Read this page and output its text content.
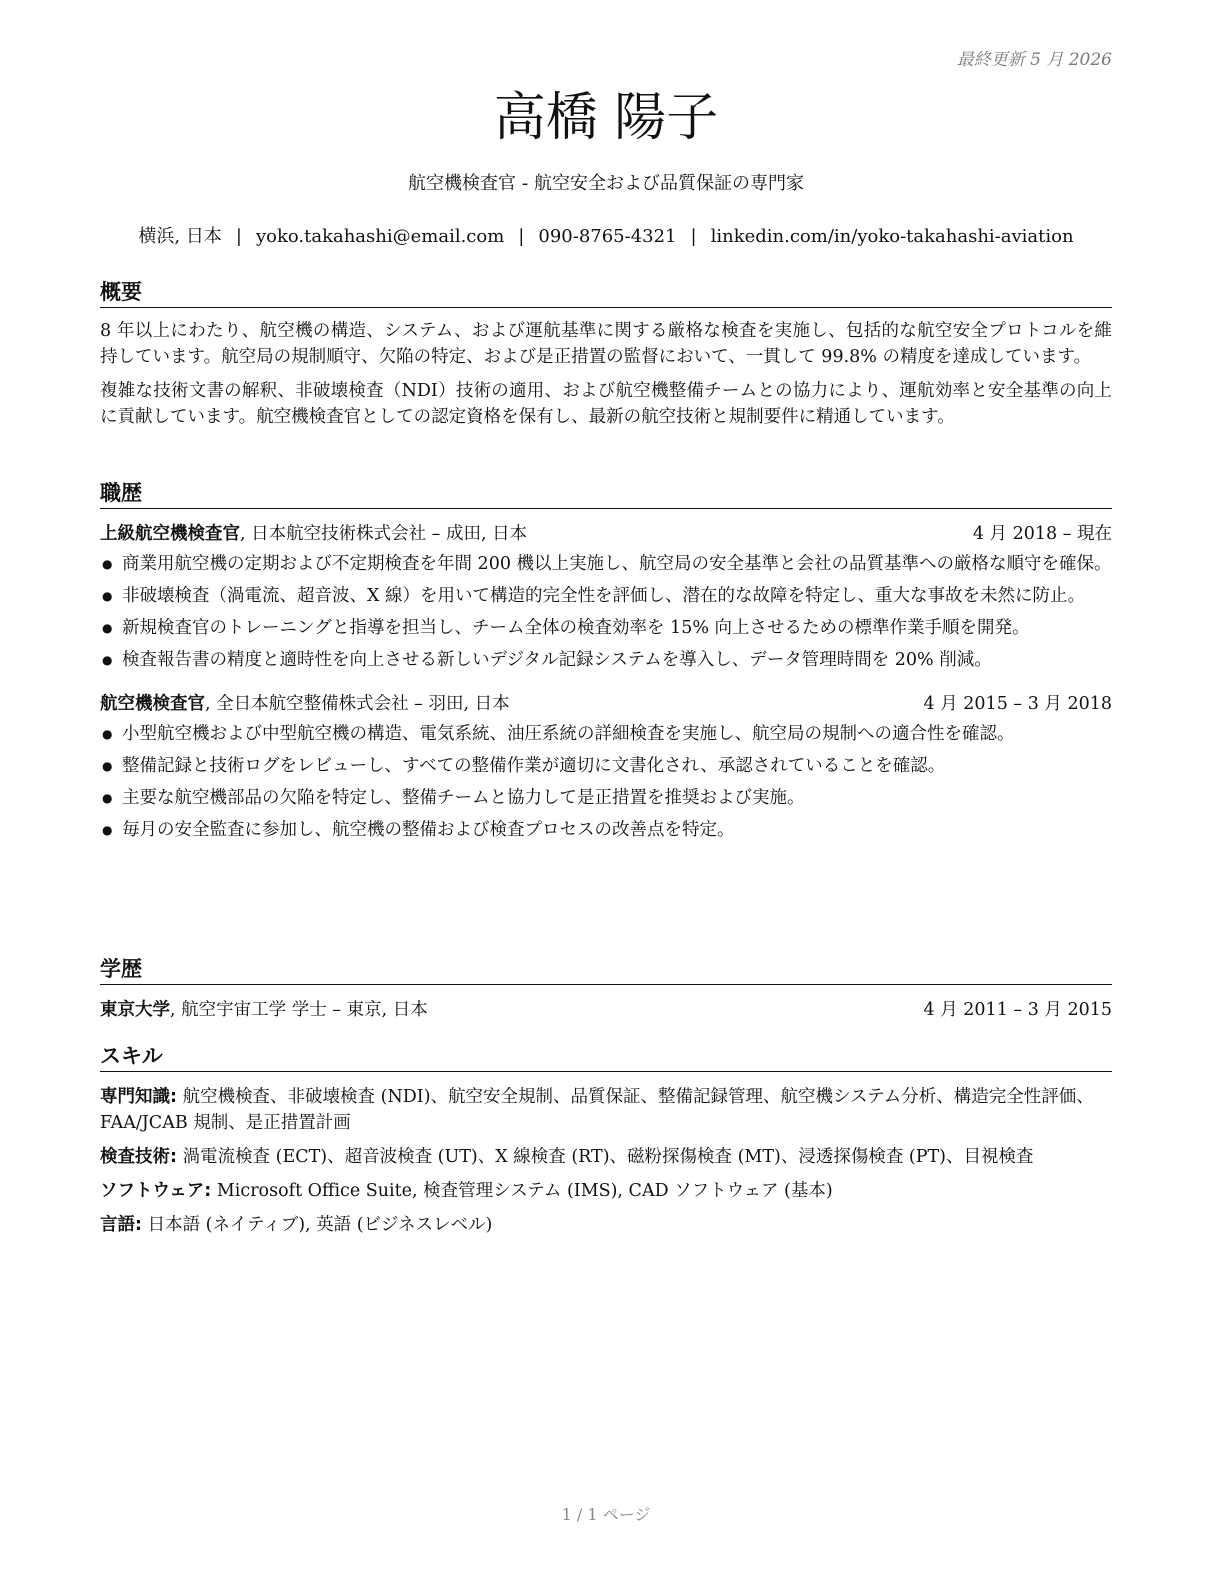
最終更新 5 月 2026
高橋 陽子
航空機検査官 - 航空安全および品質保証の専門家
横浜, 日本 | yoko.takahashi@email.com | 090-8765-4321 | linkedin.com/in/yoko-takahashi-aviation
概要

8 年以上にわたり、航空機の構造、システム、および運航基準に関する厳格な検査を実施し、包括的な航空安全プロトコルを維持しています。航空局の規制順守、欠陥の特定、および是正措置の監督において、一貫して 99.8% の精度を達成しています。

複雑な技術文書の解釈、非破壊検査（NDI）技術の適用、および航空機整備チームとの協力により、運航効率と安全基準の向上に貢献しています。航空機検査官としての認定資格を保有し、最新の航空技術と規制要件に精通しています。

職歴
上級航空機検査官, 日本航空技術株式会社 – 成田, 日本	4 月 2018 – 現在
● 商業用航空機の定期および不定期検査を年間 200 機以上実施し、航空局の安全基準と会社の品質基準への厳格な順守を確保。
● 非破壊検査（渦電流、超音波、X 線）を用いて構造的完全性を評価し、潜在的な故障を特定し、重大な事故を未然に防止。
● 新規検査官のトレーニングと指導を担当し、チーム全体の検査効率を 15% 向上させるための標準作業手順を開発。
● 検査報告書の精度と適時性を向上させる新しいデジタル記録システムを導入し、データ管理時間を 20% 削減。
航空機検査官, 全日本航空整備株式会社 – 羽田, 日本	4 月 2015 – 3 月 2018
● 小型航空機および中型航空機の構造、電気系統、油圧系統の詳細検査を実施し、航空局の規制への適合性を確認。
● 整備記録と技術ログをレビューし、すべての整備作業が適切に文書化され、承認されていることを確認。
● 主要な航空機部品の欠陥を特定し、整備チームと協力して是正措置を推奨および実施。
● 毎月の安全監査に参加し、航空機の整備および検査プロセスの改善点を特定。
学歴
東京大学, 航空宇宙工学 学士 – 東京, 日本	4 月 2011 – 3 月 2015
スキル
専門知識: 航空機検査、非破壊検査 (NDI)、航空安全規制、品質保証、整備記録管理、航空機システム分析、構造完全性評価、FAA/JCAB 規制、是正措置計画
検査技術: 渦電流検査 (ECT)、超音波検査 (UT)、X 線検査 (RT)、磁粉探傷検査 (MT)、浸透探傷検査 (PT)、目視検査
ソフトウェア: Microsoft Office Suite, 検査管理システム (IMS), CAD ソフトウェア (基本)
言語: 日本語 (ネイティブ), 英語 (ビジネスレベル)
1 / 1 ページ
